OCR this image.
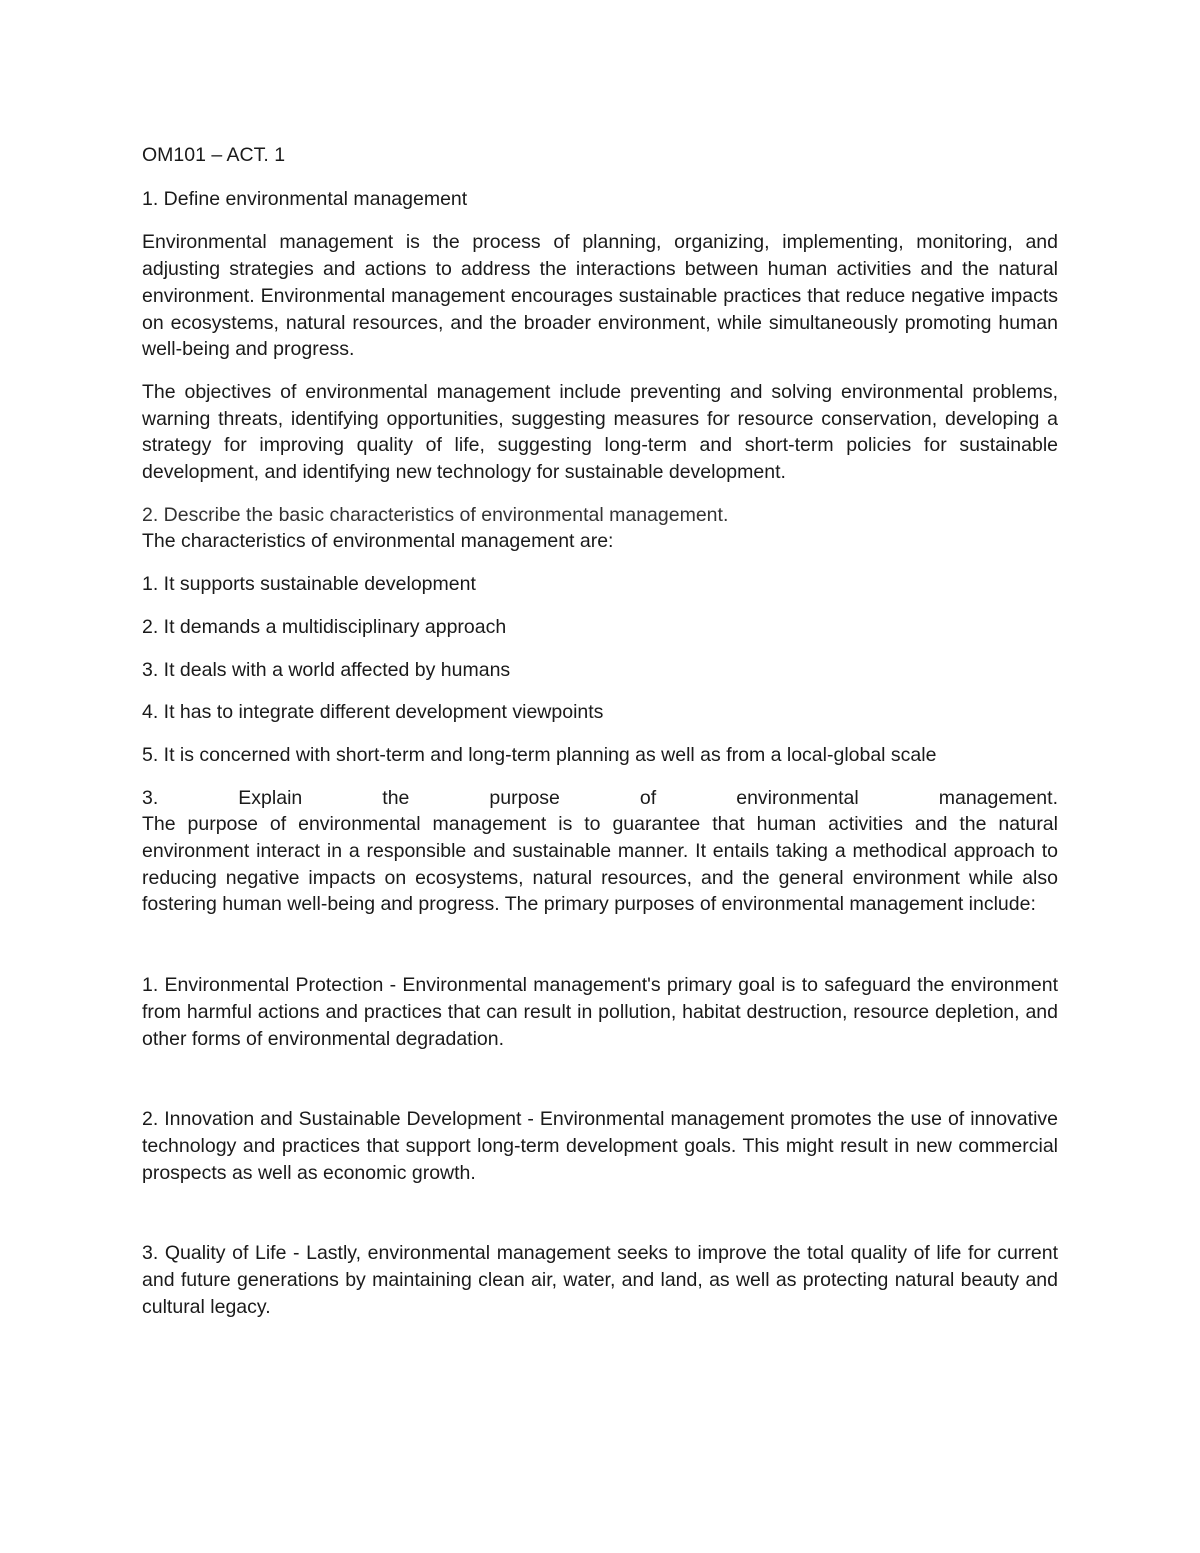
OM101 – ACT. 1

1. Define environmental management

Environmental management is the process of planning, organizing, implementing, monitoring, and adjusting strategies and actions to address the interactions between human activities and the natural environment. Environmental management encourages sustainable practices that reduce negative impacts on ecosystems, natural resources, and the broader environment, while simultaneously promoting human well-being and progress.

The objectives of environmental management include preventing and solving environmental problems, warning threats, identifying opportunities, suggesting measures for resource conservation, developing a strategy for improving quality of life, suggesting long-term and short-term policies for sustainable development, and identifying new technology for sustainable development.

2. Describe the basic characteristics of environmental management.

The characteristics of environmental management are:

1. It supports sustainable development

2. It demands a multidisciplinary approach

3. It deals with a world affected by humans

4. It has to integrate different development viewpoints

5. It is concerned with short-term and long-term planning as well as from a local-global scale

3. Explain the purpose of environmental management.

The purpose of environmental management is to guarantee that human activities and the natural environment interact in a responsible and sustainable manner. It entails taking a methodical approach to reducing negative impacts on ecosystems, natural resources, and the general environment while also fostering human well-being and progress. The primary purposes of environmental management include:

1. Environmental Protection - Environmental management's primary goal is to safeguard the environment from harmful actions and practices that can result in pollution, habitat destruction, resource depletion, and other forms of environmental degradation.

2. Innovation and Sustainable Development - Environmental management promotes the use of innovative technology and practices that support long-term development goals. This might result in new commercial prospects as well as economic growth.

3. Quality of Life - Lastly, environmental management seeks to improve the total quality of life for current and future generations by maintaining clean air, water, and land, as well as protecting natural beauty and cultural legacy.
